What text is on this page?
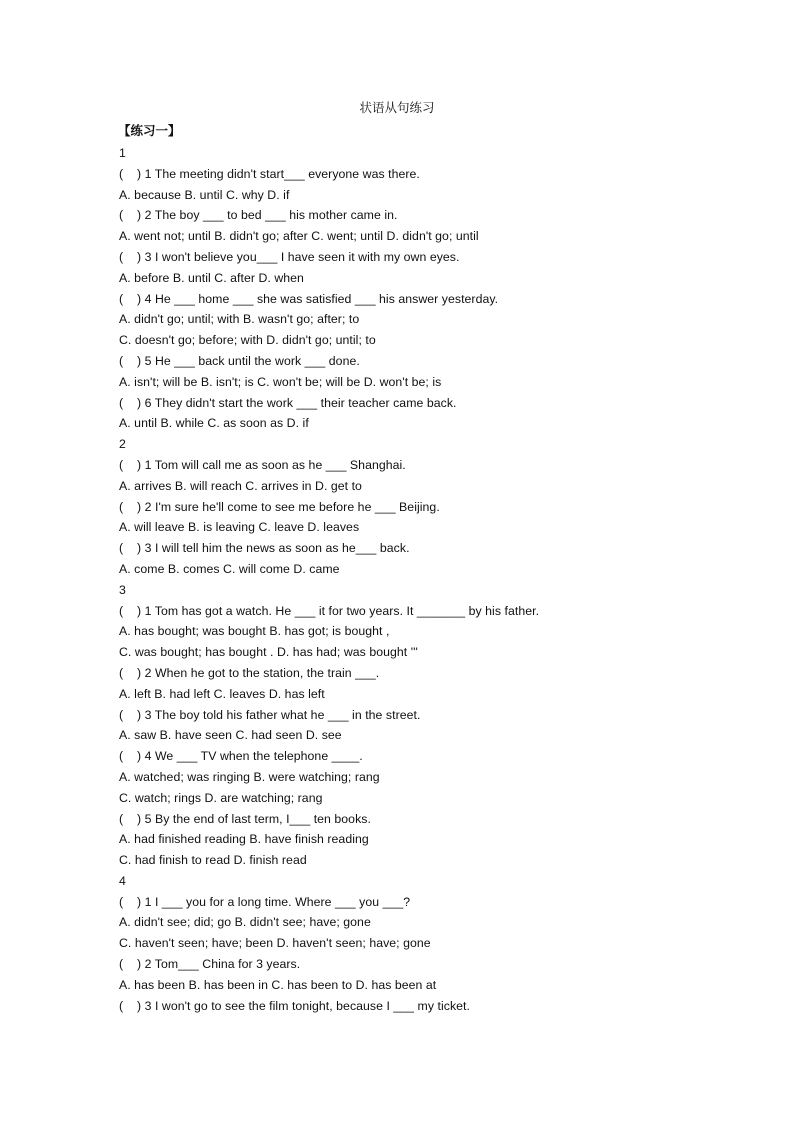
状语从句练习
【练习一】
1
(    ) 1 The meeting didn't start___ everyone was there.
A. because B. until C. why D. if
(    ) 2 The boy ___ to bed ___ his mother came in.
A. went not; until B. didn't go; after C. went; until D. didn't go; until
(    ) 3 I won't believe you___ I have seen it with my own eyes.
A. before B. until C. after D. when
(    ) 4 He ___ home ___ she was satisfied ___ his answer yesterday.
A. didn't go; until; with B. wasn't go; after; to
C. doesn't go; before; with D. didn't go; until; to
(    ) 5 He ___ back until the work ___ done.
A. isn't; will be B. isn't; is C. won't be; will be D. won't be; is
(    ) 6 They didn't start the work ___ their teacher came back.
A. until B. while C. as soon as D. if
2
(    ) 1 Tom will call me as soon as he ___ Shanghai.
A. arrives B. will reach C. arrives in D. get to
(    ) 2 I'm sure he'll come to see me before he ___ Beijing.
A. will leave B. is leaving C. leave D. leaves
(    ) 3 I will tell him the news as soon as he___ back.
A. come B. comes C. will come D. came
3
(    ) 1 Tom has got a watch. He ___ it for two years. It _______ by his father.
A. has bought; was bought B. has got; is bought ,
C. was bought; has bought . D. has had; was bought '''
(    ) 2 When he got to the station, the train ___.
A. left B. had left C. leaves D. has left
(    ) 3 The boy told his father what he ___ in the street.
A. saw B. have seen C. had seen D. see
(    ) 4 We ___ TV when the telephone ____.
A. watched; was ringing B. were watching; rang
C. watch; rings D. are watching; rang
(    ) 5 By the end of last term, I___ ten books.
A. had finished reading B. have finish reading
C. had finish to read D. finish read
4
(    ) 1 I ___ you for a long time. Where ___ you ___?
A. didn't see; did; go B. didn't see; have; gone
C. haven't seen; have; been D. haven't seen; have; gone
(    ) 2 Tom___ China for 3 years.
A. has been B. has been in C. has been to D. has been at
(    ) 3 I won't go to see the film tonight, because I ___ my ticket.
